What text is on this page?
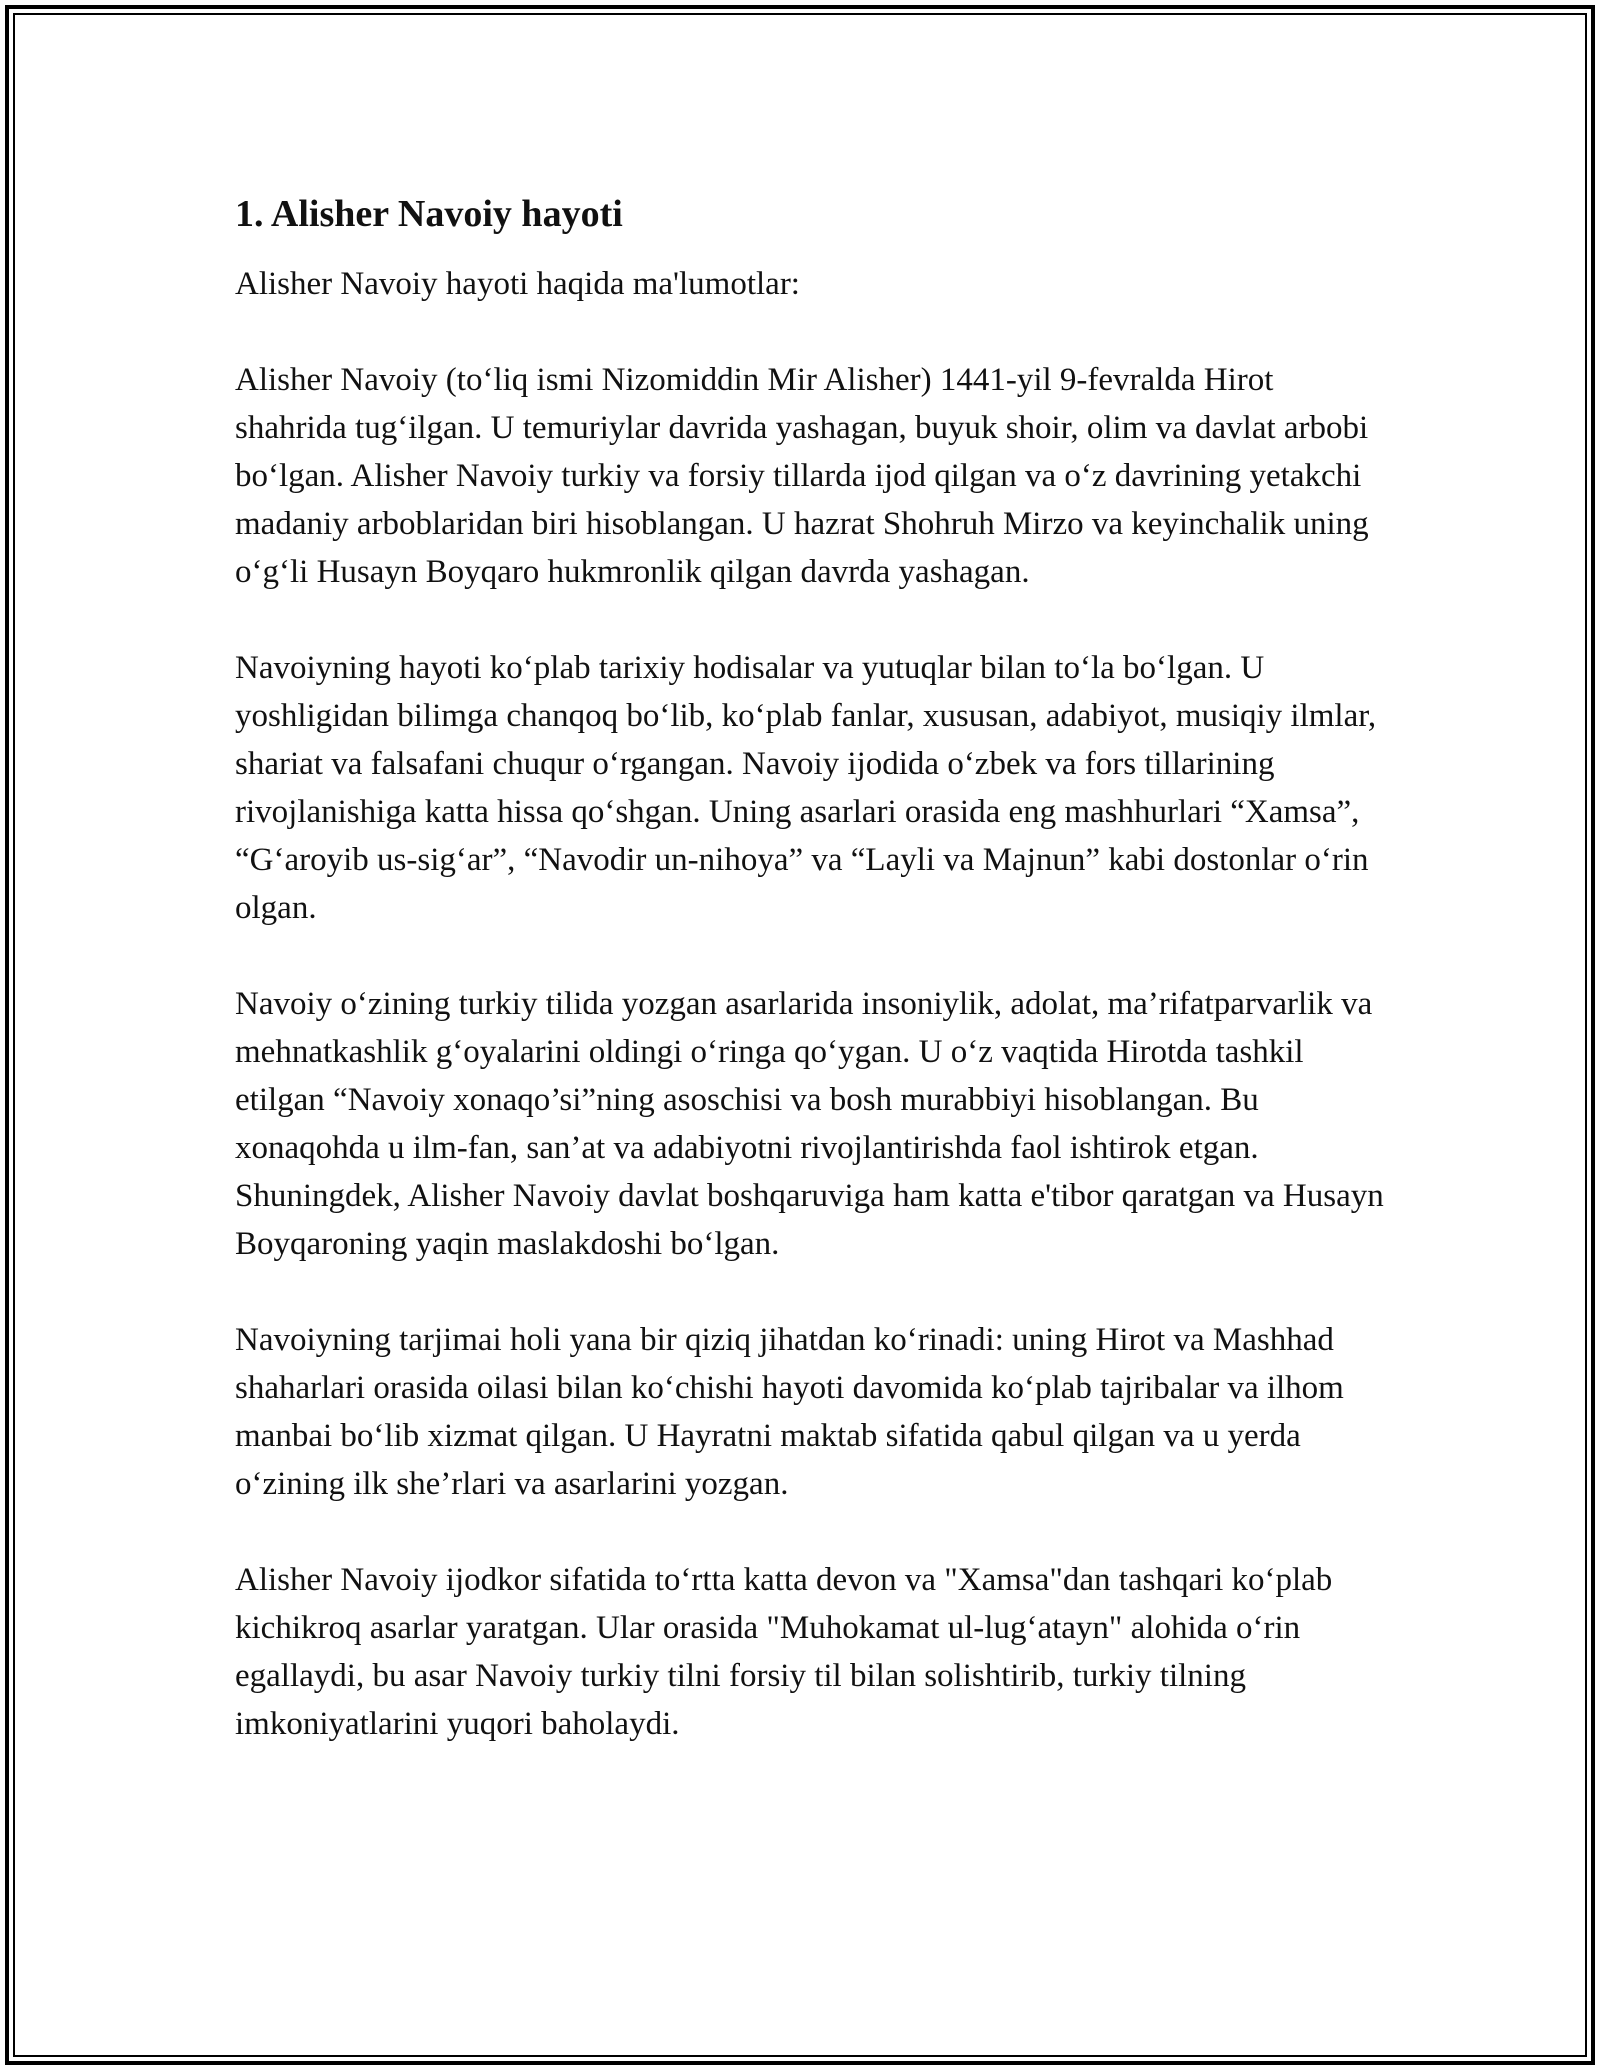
1. Alisher Navoiy hayoti

Alisher Navoiy hayoti haqida ma'lumotlar:

Alisher Navoiy (to‘liq ismi Nizomiddin Mir Alisher) 1441-yil 9-fevralda Hirot shahrida tug‘ilgan. U temuriylar davrida yashagan, buyuk shoir, olim va davlat arbobi bo‘lgan. Alisher Navoiy turkiy va forsiy tillarda ijod qilgan va o‘z davrining yetakchi madaniy arboblaridan biri hisoblangan. U hazrat Shohruh Mirzo va keyinchalik uning o‘g‘li Husayn Boyqaro hukmronlik qilgan davrda yashagan.

Navoiyning hayoti ko‘plab tarixiy hodisalar va yutuqlar bilan to‘la bo‘lgan. U yoshligidan bilimga chanqoq bo‘lib, ko‘plab fanlar, xususan, adabiyot, musiqiy ilmlar, shariat va falsafani chuqur o‘rgangan. Navoiy ijodida o‘zbek va fors tillarining rivojlanishiga katta hissa qo‘shgan. Uning asarlari orasida eng mashhurlari “Xamsa”, “G‘aroyib us-sig‘ar”, “Navodir un-nihoya” va “Layli va Majnun” kabi dostonlar o‘rin olgan.

Navoiy o‘zining turkiy tilida yozgan asarlarida insoniylik, adolat, ma’rifatparvarlik va mehnatkashlik g‘oyalarini oldingi o‘ringa qo‘ygan. U o‘z vaqtida Hirotda tashkil etilgan “Navoiy xonaqo’si”ning asoschisi va bosh murabbiyi hisoblangan. Bu xonaqohda u ilm-fan, san’at va adabiyotni rivojlantirishda faol ishtirok etgan. Shuningdek, Alisher Navoiy davlat boshqaruviga ham katta e'tibor qaratgan va Husayn Boyqaroning yaqin maslakdoshi bo‘lgan.

Navoiyning tarjimai holi yana bir qiziq jihatdan ko‘rinadi: uning Hirot va Mashhad shaharlari orasida oilasi bilan ko‘chishi hayoti davomida ko‘plab tajribalar va ilhom manbai bo‘lib xizmat qilgan. U Hayratni maktab sifatida qabul qilgan va u yerda o‘zining ilk she’rlari va asarlarini yozgan.

Alisher Navoiy ijodkor sifatida to‘rtta katta devon va "Xamsa"dan tashqari ko‘plab kichikroq asarlar yaratgan. Ular orasida "Muhokamat ul-lug‘atayn" alohida o‘rin egallaydi, bu asar Navoiy turkiy tilni forsiy til bilan solishtirib, turkiy tilning imkoniyatlarini yuqori baholaydi.
